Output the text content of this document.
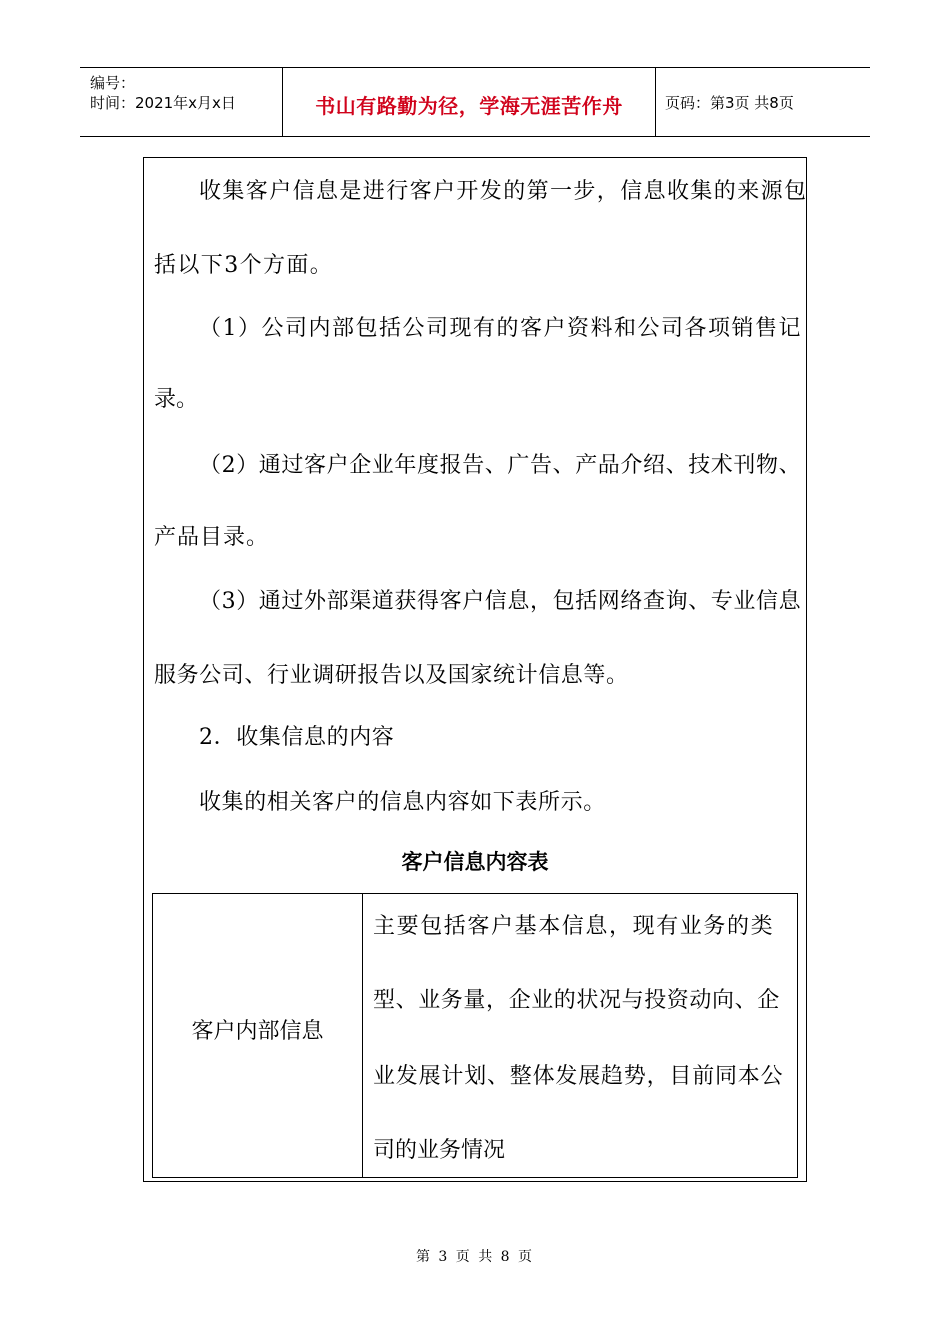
编号：
时间：2021年x月x日	书山有路勤为径，学海无涯苦作舟	页码：第3页 共8页
收集客户信息是进行客户开发的第一步，信息收集的来源包
括以下3个方面。
（1）公司内部包括公司现有的客户资料和公司各项销售记
录。
（2）通过客户企业年度报告、广告、产品介绍、技术刊物、
产品目录。
（3）通过外部渠道获得客户信息，包括网络查询、专业信息
服务公司、行业调研报告以及国家统计信息等。
2．收集信息的内容
收集的相关客户的信息内容如下表所示。
客户信息内容表
客户内部信息
主要包括客户基本信息，现有业务的类
型、业务量，企业的状况与投资动向、企
业发展计划、整体发展趋势，目前同本公
司的业务情况
第 3 页 共 8 页
